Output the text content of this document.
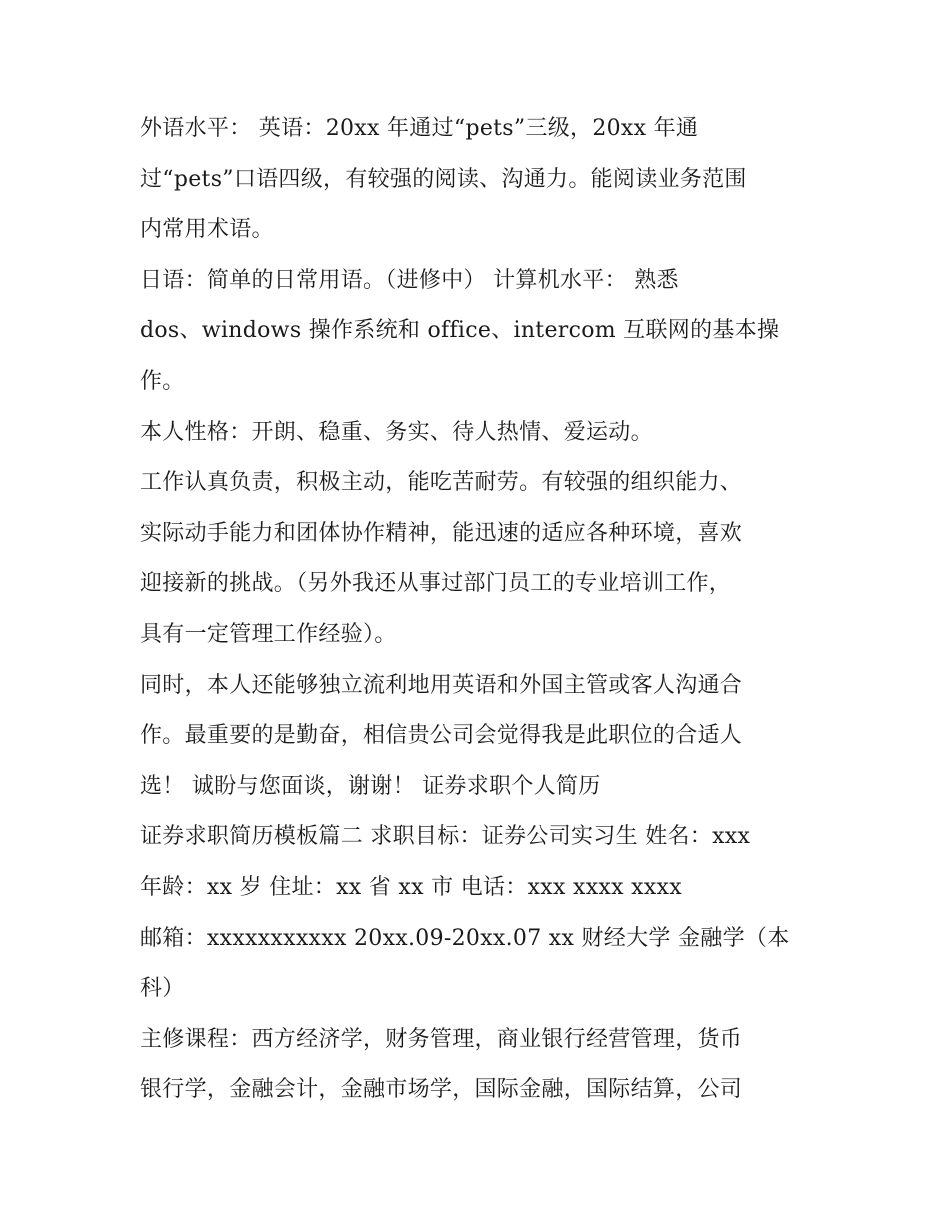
外语水平： 英语：20xx 年通过“pets”三级，20xx 年通
过“pets”口语四级，有较强的阅读、沟通力。能阅读业务范围
内常用术语。
日语：简单的日常用语。（进修中） 计算机水平： 熟悉
dos、windows 操作系统和 office、intercom 互联网的基本操
作。
本人性格：开朗、稳重、务实、待人热情、爱运动。
工作认真负责，积极主动，能吃苦耐劳。有较强的组织能力、
实际动手能力和团体协作精神，能迅速的适应各种环境，喜欢
迎接新的挑战。（另外我还从事过部门员工的专业培训工作，
具有一定管理工作经验）。
同时，本人还能够独立流利地用英语和外国主管或客人沟通合
作。最重要的是勤奋，相信贵公司会觉得我是此职位的合适人
选！ 诚盼与您面谈，谢谢！ 证券求职个人简历
证券求职简历模板篇二 求职目标：证券公司实习生 姓名：xxx
年龄：xx 岁 住址：xx 省 xx 市 电话：xxx xxxx xxxx
邮箱：xxxxxxxxxxx 20xx.09-20xx.07 xx 财经大学 金融学（本
科）
主修课程：西方经济学，财务管理，商业银行经营管理，货币
银行学，金融会计，金融市场学，国际金融，国际结算，公司
